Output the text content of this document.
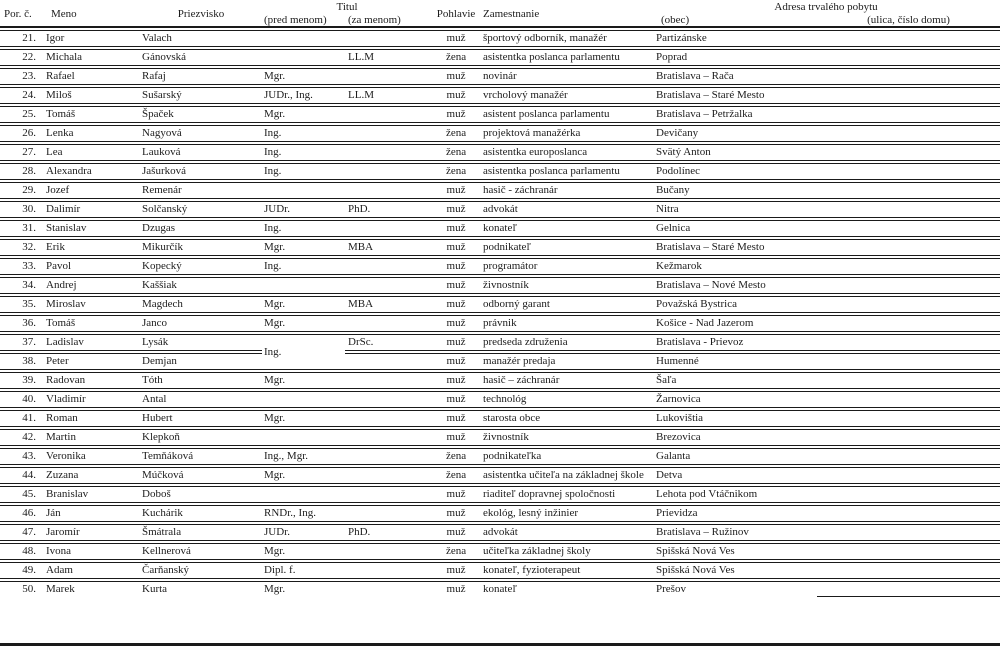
Por. č.	Meno	Priezvisko	Titul		Pohlavie	Zamestnanie	Adresa trvalého pobytu	
			(pred menom)	(za menom)			(obec)	(ulica, číslo domu)
21.	Igor	Valach			muž	športový odborník, manažér	Partizánske	
22.	Michala	Gánovská		LL.M	žena	asistentka poslanca parlamentu	Poprad	
23.	Rafael	Rafaj	Mgr.		muž	novinár	Bratislava – Rača	
24.	Miloš	Sušarský	JUDr., Ing.	LL.M	muž	vrcholový manažér	Bratislava – Staré Mesto	
25.	Tomáš	Špaček	Mgr.		muž	asistent poslanca parlamentu	Bratislava – Petržalka	
26.	Lenka	Nagyová	Ing.		žena	projektová manažérka	Devičany	
27.	Lea	Lauková	Ing.		žena	asistentka europoslanca	Svätý Anton	
28.	Alexandra	Jašurková	Ing.		žena	asistentka poslanca parlamentu	Podolínec	
29.	Jozef	Remenár			muž	hasič - záchranár	Bučany	
30.	Dalimír	Solčanský	JUDr.	PhD.	muž	advokát	Nitra	
31.	Stanislav	Dzugas	Ing.		muž	konateľ	Gelnica	
32.	Erik	Mikurčík	Mgr.	MBA	muž	podnikateľ	Bratislava – Staré Mesto	
33.	Pavol	Kopecký	Ing.		muž	programátor	Kežmarok	
34.	Andrej	Kaššiak			muž	živnostník	Bratislava – Nové Mesto	
35.	Miroslav	Magdech	Mgr.	MBA	muž	odborný garant	Považská Bystrica	
36.	Tomáš	Janco	Mgr.		muž	právnik	Košice - Nad Jazerom	
37.	Ladislav	Lysák	Ing.	DrSc.	muž	predseda združenia	Bratislava - Prievoz	
38.	Peter	Demjan			muž	manažér predaja	Humenné	
39.	Radovan	Tóth	Mgr.		muž	hasič – záchranár	Šaľa	
40.	Vladimír	Antal			muž	technológ	Žarnovica	
41.	Roman	Hubert	Mgr.		muž	starosta obce	Lukovištia	
42.	Martin	Klepkoň			muž	živnostník	Brezovica	
43.	Veronika	Temňáková	Ing., Mgr.		žena	podnikateľka	Galanta	
44.	Zuzana	Múčková	Mgr.		žena	asistentka učiteľa na základnej škole	Detva	
45.	Branislav	Doboš			muž	riaditeľ dopravnej spoločnosti	Lehota pod Vtáčnikom	
46.	Ján	Kuchárik	RNDr., Ing.		muž	ekológ, lesný inžinier	Prievidza	
47.	Jaromír	Šmátrala	JUDr.	PhD.	muž	advokát	Bratislava – Ružinov	
48.	Ivona	Kellnerová	Mgr.		žena	učiteľka základnej školy	Spišská Nová Ves	
49.	Adam	Čarňanský	Dipl. f.		muž	konateľ, fyzioterapeut	Spišská Nová Ves	
50.	Marek	Kurta	Mgr.		muž	konateľ	Prešov	
